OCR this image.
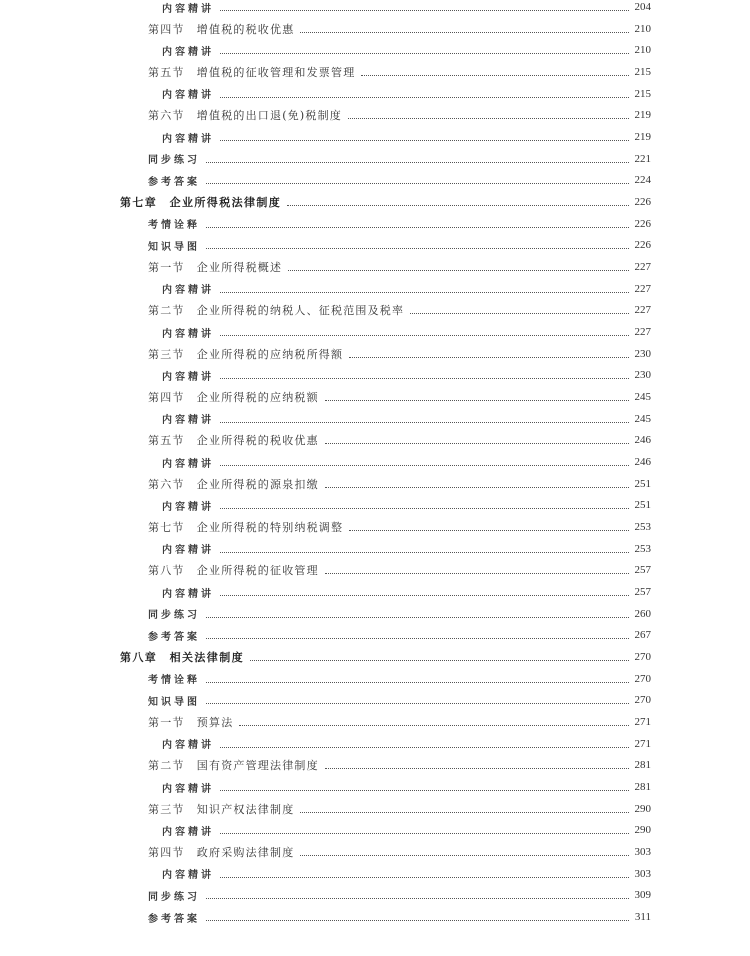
内容精讲	204
第四节　增值税的税收优惠	210
内容精讲	210
第五节　增值税的征收管理和发票管理	215
内容精讲	215
第六节　增值税的出口退(免)税制度	219
内容精讲	219
同步练习	221
参考答案	224
第七章　企业所得税法律制度	226
考情诠释	226
知识导图	226
第一节　企业所得税概述	227
内容精讲	227
第二节　企业所得税的纳税人、征税范围及税率	227
内容精讲	227
第三节　企业所得税的应纳税所得额	230
内容精讲	230
第四节　企业所得税的应纳税额	245
内容精讲	245
第五节　企业所得税的税收优惠	246
内容精讲	246
第六节　企业所得税的源泉扣缴	251
内容精讲	251
第七节　企业所得税的特别纳税调整	253
内容精讲	253
第八节　企业所得税的征收管理	257
内容精讲	257
同步练习	260
参考答案	267
第八章　相关法律制度	270
考情诠释	270
知识导图	270
第一节　预算法	271
内容精讲	271
第二节　国有资产管理法律制度	281
内容精讲	281
第三节　知识产权法律制度	290
内容精讲	290
第四节　政府采购法律制度	303
内容精讲	303
同步练习	309
参考答案	311
